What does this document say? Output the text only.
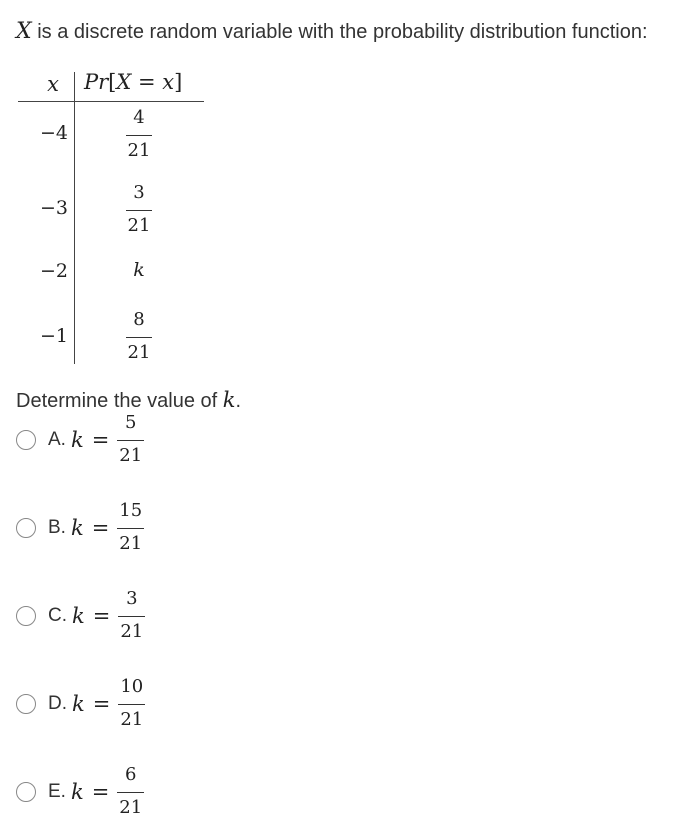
X is a discrete random variable with the probability distribution function:
x	Pr[X = x]
−4	$\frac{4}{21}$
−3	$\frac{3}{21}$
−2	k
−1	$\frac{8}{21}$
Determine the value of k.
A. $k = \frac{5}{21}$
B. $k = \frac{15}{21}$
C. $k = \frac{3}{21}$
D. $k = \frac{10}{21}$
E. $k = \frac{6}{21}$
